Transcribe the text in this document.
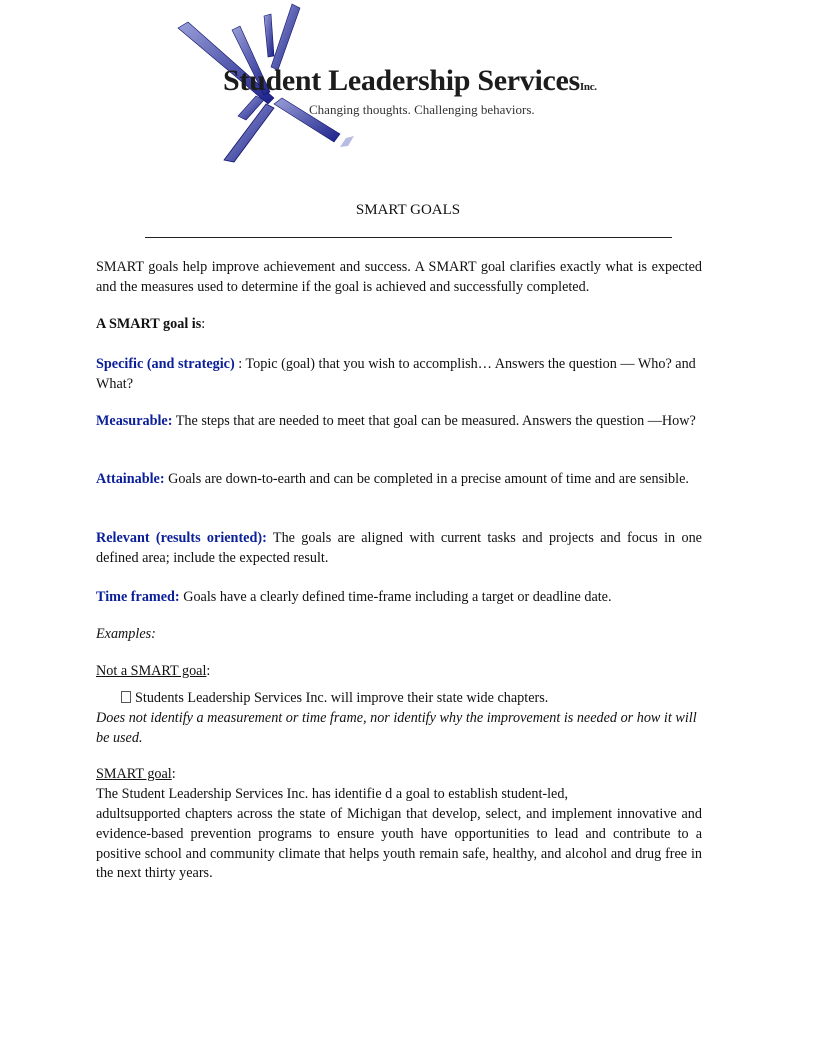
Student Leadership ServicesInc.
Changing thoughts. Challenging behaviors.
SMART GOALS
SMART goals help improve achievement and success. A SMART goal clarifies exactly what is expected and the measures used to determine if the goal is achieved and successfully completed.
A SMART goal is:
Specific (and strategic) : Topic (goal) that you wish to accomplish… Answers the question — Who? and What?
Measurable: The steps that are needed to meet that goal can be measured. Answers the question —How?
Attainable: Goals are down-to-earth and can be completed in a precise amount of time and are sensible.
Relevant (results oriented): The goals are aligned with current tasks and projects and focus in one defined area; include the expected result.
Time framed: Goals have a clearly defined time-frame including a target or deadline date.
Examples:
Not a SMART goal:
Students Leadership Services Inc. will improve their state wide chapters.
Does not identify a measurement or time frame, nor identify why the improvement is needed or how it will be used.
SMART goal:
The Student Leadership Services Inc. has identifie d a goal to establish student-led,
adultsupported chapters across the state of Michigan that develop, select, and implement innovative and evidence-based prevention programs to ensure youth have opportunities to lead and contribute to a positive school and community climate that helps youth remain safe, healthy, and alcohol and drug free in the next thirty years.
